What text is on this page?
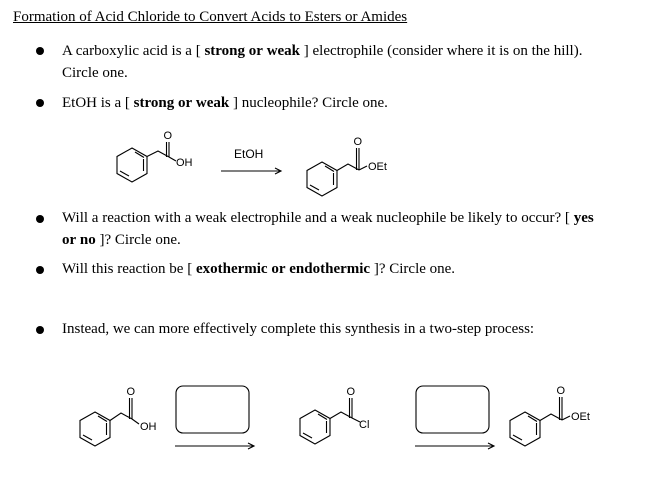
Formation of Acid Chloride to Convert Acids to Esters or Amides
A carboxylic acid is a [ strong or weak ] electrophile (consider where it is on the hill).
Circle one.
EtOH is a [ strong or weak ] nucleophile? Circle one.
Will a reaction with a weak electrophile and a weak nucleophile be likely to occur? [ yes
or no ]? Circle one.
Will this reaction be [ exothermic or endothermic ]? Circle one.
Instead, we can more effectively complete this synthesis in a two-step process:
O
OH
EtOH
O
OEt
O
OH
O
Cl
O
OEt
